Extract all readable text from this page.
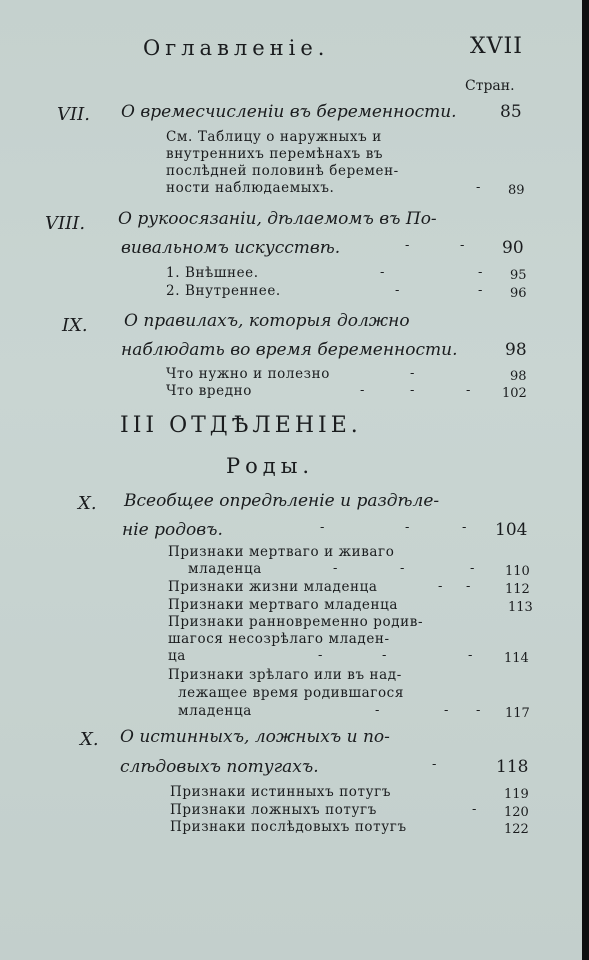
Оглавленіе.	XVII
Стран.
VII. О времесчисленіи въ беременности.	85
См. Таблицу о наружныхъ и
внутреннихъ перемѣнахъ въ
послѣдней половинѣ беремен-
ности наблюдаемыхъ.	- 89
VIII. О рукоосязаніи, дѣлаемомъ въ По-
вивальномъ искусствѣ.	-	- 90
1. Внѣшнее.	-	- 95
2. Внутреннее.	-	- 96
IX. О правилахъ, которыя должно
наблюдать во время беременности.	98
Что нужно и полезно	-	98
Что вредно	-	-	- 102
III ОТДѢЛЕНІЕ.
Роды.
X. Всеобщее опредѣленіе и раздѣле-
ніе родовъ.	-	-	- 104
Признаки мертваго и живаго
младенца	-	-	- 110
Признаки жизни младенца	- -	112
Признаки мертваго младенца	113
Признаки ранновременно родив-
шагося несозрѣлаго младен-
ца	-	-	- 114
Признаки зрѣлаго или въ над-
лежащее время родившагося
младенца	-	- - 117
X. О истинныхъ, ложныхъ и по-
слѣдовыхъ потугахъ.	-	118
Признаки истинныхъ потугъ	119
Признаки ложныхъ потугъ	- 120
Признаки послѣдовыхъ потугъ	122
